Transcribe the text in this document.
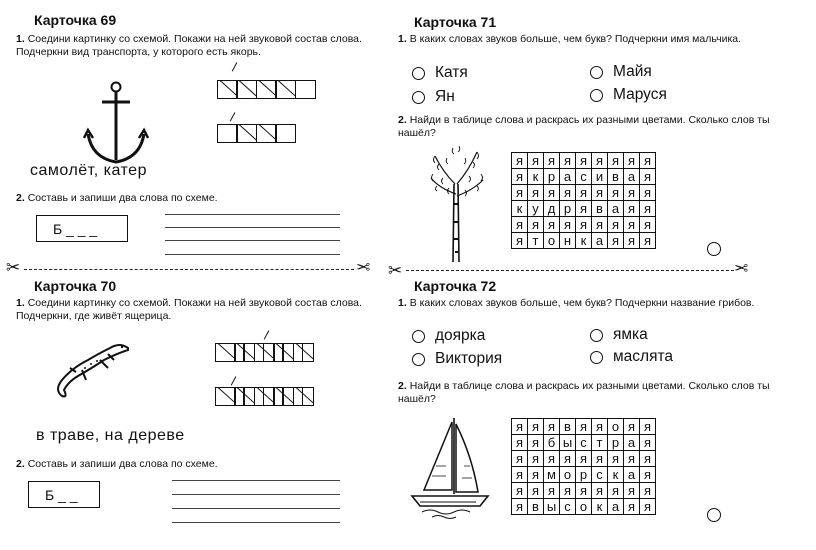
Карточка 69
1. Соедини картинку со схемой. Покажи на ней звуковой состав слова. Подчеркни вид транспорта, у которого есть якорь.
самолёт, катер
2. Составь и запиши два слова по схеме.
Б _ _ _
✂	✂
Карточка 70
1. Соедини картинку со схемой. Покажи на ней звуковой состав слова. Подчеркни, где живёт ящерица.
в траве, на дереве
2. Составь и запиши два слова по схеме.
Б _ _
Карточка 71
1. В каких словах звуков больше, чем букв? Подчеркни имя мальчика.
Катя	Майя
Ян	Маруся
2. Найди в таблице слова и раскрась их разными цветами. Сколько слов ты нашёл?
я я я я я я я я я
я к р а с и в а я
я я я я я я я я я
к у д р я в а я я
я я я я я я я я я
я т о н к а я я я
✂	✂
Карточка 72
1. В каких словах звуков больше, чем букв? Подчеркни название грибов.
доярка	ямка
Виктория	маслята
2. Найди в таблице слова и раскрась их разными цветами. Сколько слов ты нашёл?
я я я в я я о я я
я я б ы с т р а я
я я я я я я я я я
я я м о р с к а я
я я я я я я я я я
я в ы с о к а я я
